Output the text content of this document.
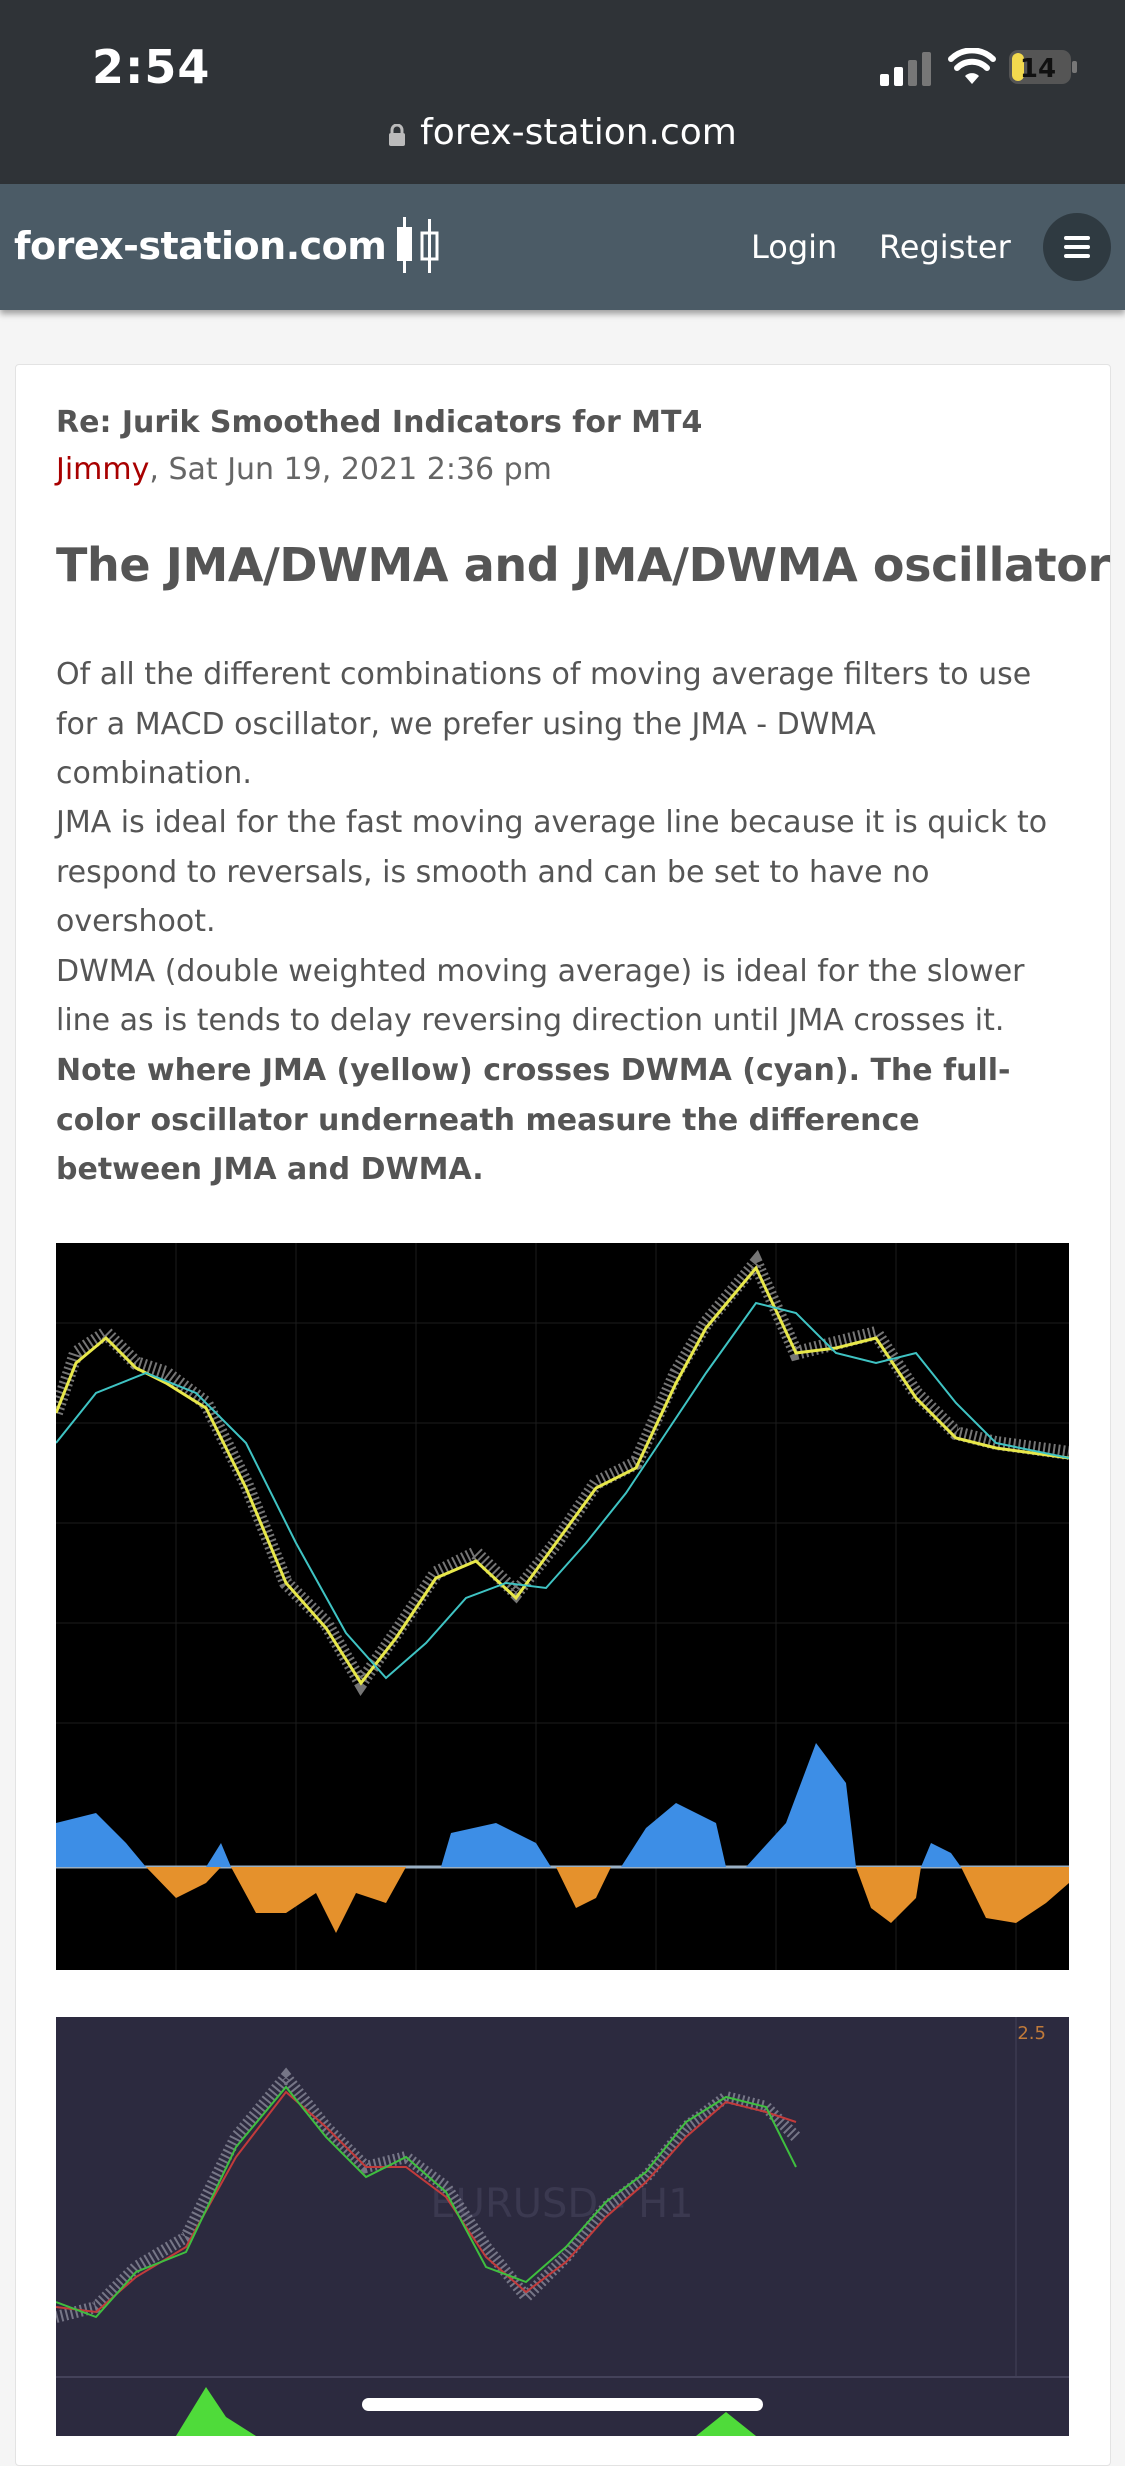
2:54	14
forex-station.com
forex-station.com	Login Register
Re: Jurik Smoothed Indicators for MT4
Jimmy, Sat Jun 19, 2021 2:36 pm
The JMA/DWMA and JMA/DWMA oscillator
Of all the different combinations of moving average filters to use for a MACD oscillator, we prefer using the JMA - DWMA combination.
JMA is ideal for the fast moving average line because it is quick to respond to reversals, is smooth and can be set to have no overshoot.
DWMA (double weighted moving average) is ideal for the slower line as is tends to delay reversing direction until JMA crosses it.
Note where JMA (yellow) crosses DWMA (cyan). The full-color oscillator underneath measure the difference between JMA and DWMA.
EURUSD - H1
2.5
